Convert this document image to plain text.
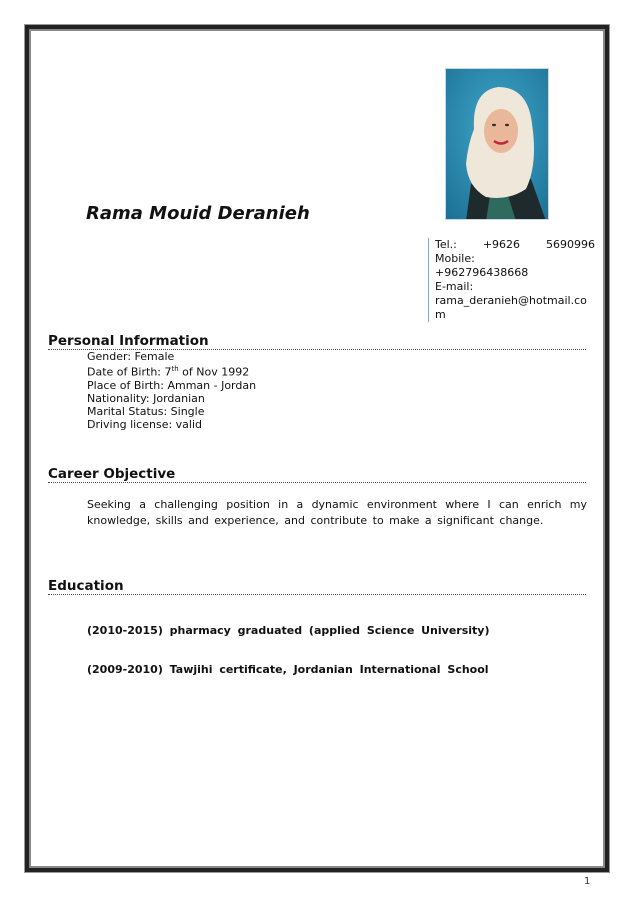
Rama Mouid Deranieh
Tel.: +9626 5690996
Mobile:
+962796438668
E-mail:
rama_deranieh@hotmail.co m
Personal Information
Gender: Female
Date of Birth: 7th of Nov 1992
Place of Birth: Amman - Jordan
Nationality: Jordanian
Marital Status: Single
Driving license: valid
Career Objective
Seeking a challenging position in a dynamic environment where I can enrich my knowledge, skills and experience, and contribute to make a significant change.
Education
(2010-2015) pharmacy graduated (applied Science University)
(2009-2010) Tawjihi certificate, Jordanian International School
1
